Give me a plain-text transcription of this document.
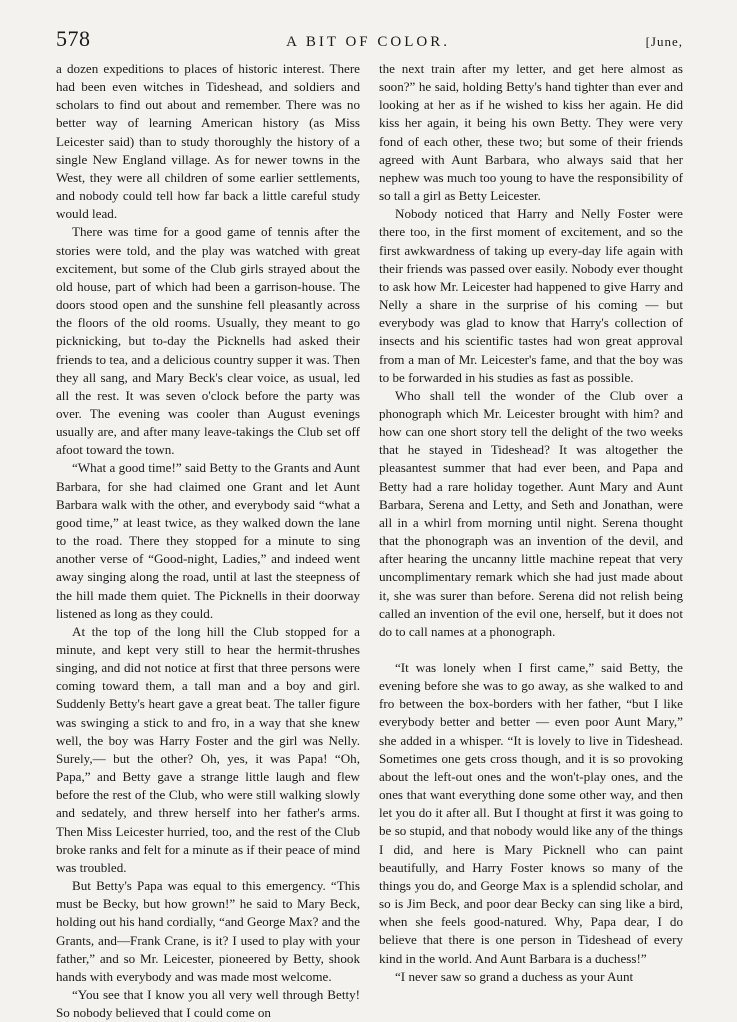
578	A BIT OF COLOR.	[June,

a dozen expeditions to places of historic interest. There had been even witches in Tideshead, and soldiers and scholars to find out about and remember. There was no better way of learning American history (as Miss Leicester said) than to study thoroughly the history of a single New England village. As for newer towns in the West, they were all children of some earlier settlements, and nobody could tell how far back a little careful study would lead.

There was time for a good game of tennis after the stories were told, and the play was watched with great excitement, but some of the Club girls strayed about the old house, part of which had been a garrison-house. The doors stood open and the sunshine fell pleasantly across the floors of the old rooms. Usually, they meant to go picknicking, but to-day the Picknells had asked their friends to tea, and a delicious country supper it was. Then they all sang, and Mary Beck's clear voice, as usual, led all the rest. It was seven o'clock before the party was over. The evening was cooler than August evenings usually are, and after many leave-takings the Club set off afoot toward the town.

“What a good time!” said Betty to the Grants and Aunt Barbara, for she had claimed one Grant and let Aunt Barbara walk with the other, and everybody said “what a good time,” at least twice, as they walked down the lane to the road. There they stopped for a minute to sing another verse of “Good-night, Ladies,” and indeed went away singing along the road, until at last the steepness of the hill made them quiet. The Picknells in their doorway listened as long as they could.

At the top of the long hill the Club stopped for a minute, and kept very still to hear the hermit-thrushes singing, and did not notice at first that three persons were coming toward them, a tall man and a boy and girl. Suddenly Betty's heart gave a great beat. The taller figure was swinging a stick to and fro, in a way that she knew well, the boy was Harry Foster and the girl was Nelly. Surely,— but the other? Oh, yes, it was Papa! “Oh, Papa,” and Betty gave a strange little laugh and flew before the rest of the Club, who were still walking slowly and sedately, and threw herself into her father's arms. Then Miss Leicester hurried, too, and the rest of the Club broke ranks and felt for a minute as if their peace of mind was troubled.

But Betty's Papa was equal to this emergency. “This must be Becky, but how grown!” he said to Mary Beck, holding out his hand cordially, “and George Max? and the Grants, and—Frank Crane, is it? I used to play with your father,” and so Mr. Leicester, pioneered by Betty, shook hands with everybody and was made most welcome.

“You see that I know you all very well through Betty! So nobody believed that I could come on

the next train after my letter, and get here almost as soon?” he said, holding Betty's hand tighter than ever and looking at her as if he wished to kiss her again. He did kiss her again, it being his own Betty. They were very fond of each other, these two; but some of their friends agreed with Aunt Barbara, who always said that her nephew was much too young to have the responsibility of so tall a girl as Betty Leicester.

Nobody noticed that Harry and Nelly Foster were there too, in the first moment of excitement, and so the first awkwardness of taking up every-day life again with their friends was passed over easily. Nobody ever thought to ask how Mr. Leicester had happened to give Harry and Nelly a share in the surprise of his coming — but everybody was glad to know that Harry's collection of insects and his scientific tastes had won great approval from a man of Mr. Leicester's fame, and that the boy was to be forwarded in his studies as fast as possible.

Who shall tell the wonder of the Club over a phonograph which Mr. Leicester brought with him? and how can one short story tell the delight of the two weeks that he stayed in Tideshead? It was altogether the pleasantest summer that had ever been, and Papa and Betty had a rare holiday together. Aunt Mary and Aunt Barbara, Serena and Letty, and Seth and Jonathan, were all in a whirl from morning until night. Serena thought that the phonograph was an invention of the devil, and after hearing the uncanny little machine repeat that very uncomplimentary remark which she had just made about it, she was surer than before. Serena did not relish being called an invention of the evil one, herself, but it does not do to call names at a phonograph.

“It was lonely when I first came,” said Betty, the evening before she was to go away, as she walked to and fro between the box-borders with her father, “but I like everybody better and better — even poor Aunt Mary,” she added in a whisper. “It is lovely to live in Tideshead. Sometimes one gets cross though, and it is so provoking about the left-out ones and the won't-play ones, and the ones that want everything done some other way, and then let you do it after all. But I thought at first it was going to be so stupid, and that nobody would like any of the things I did, and here is Mary Picknell who can paint beautifully, and Harry Foster knows so many of the things you do, and George Max is a splendid scholar, and so is Jim Beck, and poor dear Becky can sing like a bird, when she feels good-natured. Why, Papa dear, I do believe that there is one person in Tideshead of every kind in the world. And Aunt Barbara is a duchess!”

“I never saw so grand a duchess as your Aunt
